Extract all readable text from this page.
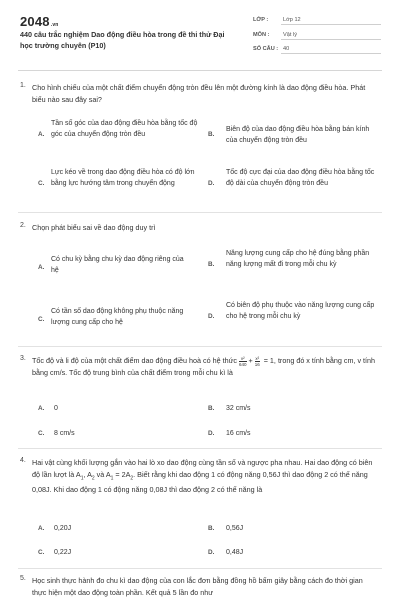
2048.vn
440 câu trắc nghiệm Dao động điều hòa trong đề thi thử Đại học trường chuyên (P10)
LỚP :	Lớp 12
MÔN : Vật lý
SỐ CÂU : 40
1. Cho hình chiếu của một chất điểm chuyển động tròn đều lên một đường kính là dao động điều hòa. Phát biểu nào sau đây sai?
A.
Tần số góc của dao động điều hòa bằng tốc độ góc của chuyển động tròn đều	B.
Biên độ của dao động điều hòa bằng bán kính của chuyển động tròn đều
C.
Lực kéo về trong dao động điều hòa có độ lớn bằng lực hướng tâm trong chuyển động	D.
Tốc độ cực đại của dao động điều hòa bằng tốc độ dài của chuyển động tròn đều
2. Chọn phát biểu sai về dao động duy trì
A.
Có chu kỳ bằng chu kỳ dao động riêng của hệ
B.
Năng lượng cung cấp cho hệ đúng bằng phần năng lượng mất đi trong mỗi chu kỳ
C.
Có tần số dao động không phụ thuộc năng lượng cung cấp cho hệ
D.
Có biên độ phụ thuộc vào năng lượng cung cấp cho hệ trong mỗi chu kỳ
3. Tốc độ và li độ của một chất điểm dao động điều hoà có hệ thức $\frac{\text{v²}}{640} + \frac{\text{x²}}{16} = 1$, trong đó x tính bằng cm, v tính bằng cm/s. Tốc độ trung bình của chất điểm trong mỗi chu kì là
A. 0	B. 32 cm/s
C. 8 cm/s	D. 16 cm/s
4. Hai vật cùng khối lượng gắn vào hai lò xo dao động cùng tần số và ngược pha nhau. Hai dao động có biên độ lần lượt là $A_1$, $A_2$ và $A_1 = 2A_2$. Biết rằng khi dao động 1 có động năng 0,56J thì dao động 2 có thế năng 0,08J. Khi dao động 1 có động năng 0,08J thì dao động 2 có thế năng là
A. 0,20J	B. 0,56J
C. 0,22J	D. 0,48J
5. Học sinh thực hành đo chu kì dao động của con lắc đơn bằng đồng hồ bấm giây bằng cách đo thời gian thực hiện một dao động toàn phần. Kết quả 5 lần đo như
